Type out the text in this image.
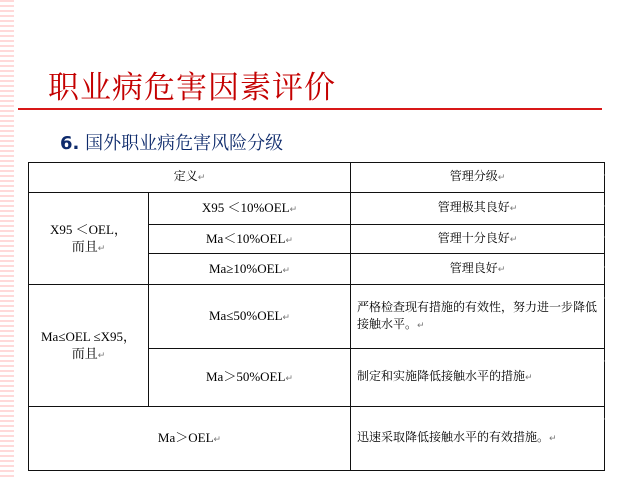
职业病危害因素评价
6. 国外职业病危害风险分级
定义↵		管理分级↵

X95 ＜OEL，
而且↵	X95 ＜10%OEL↵	管理极其良好↵
	Ma＜10%OEL↵	管理十分良好↵
	Ma≥10%OEL↵	管理良好↵

Ma≤OEL ≤X95，
而且↵	Ma≤50%OEL↵	严格检查现有措施的有效性，努力进一步降低接触水平。↵
	Ma＞50%OEL↵	制定和实施降低接触水平的措施↵
Ma＞OEL↵		迅速采取降低接触水平的有效措施。↵
·
·
·
·
·
·
·
